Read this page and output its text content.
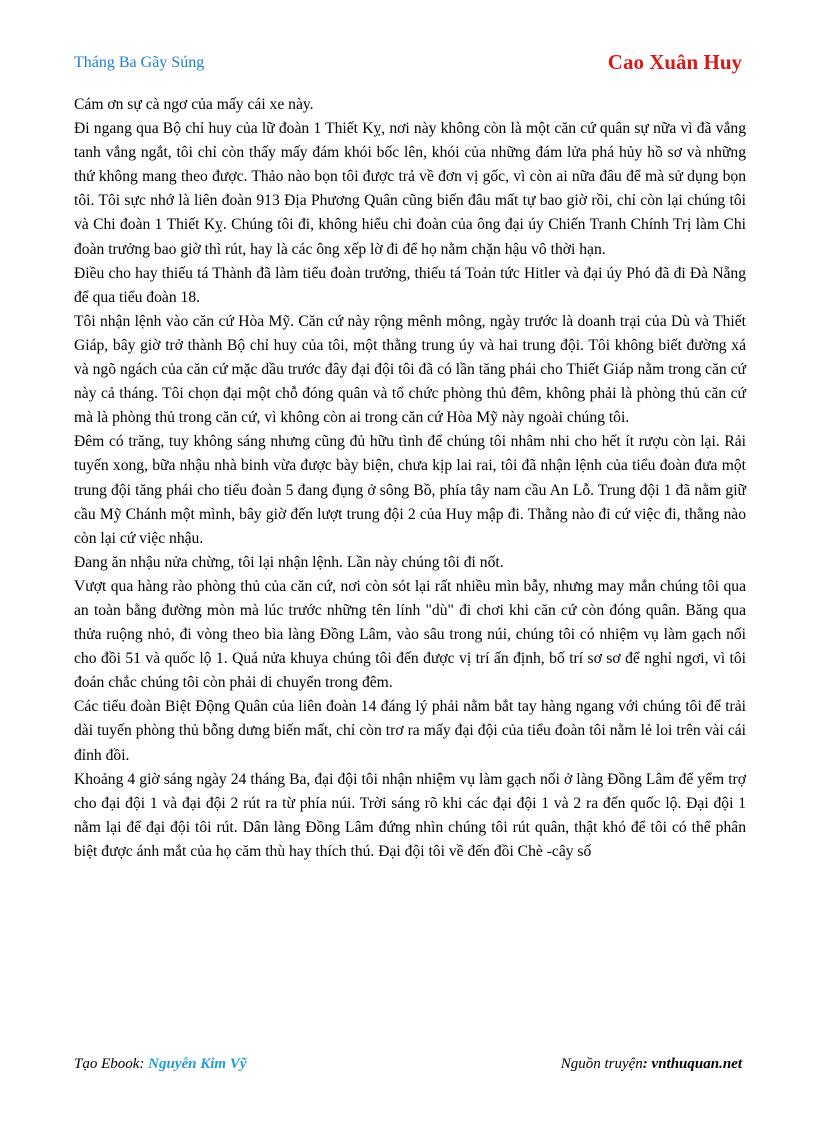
Tháng Ba Gãy Súng	Cao Xuân Huy

Cám ơn sự cà ngơ của mấy cái xe này.

Đi ngang qua Bộ chỉ huy của lữ đoàn 1 Thiết Kỵ, nơi này không còn là một căn cứ quân sự nữa vì đã vắng tanh vắng ngắt, tôi chỉ còn thấy mấy đám khói bốc lên, khói của những đám lửa phá hủy hồ sơ và những thứ không mang theo được. Thảo nào bọn tôi được trả về đơn vị gốc, vì còn ai nữa đâu để mà sử dụng bọn tôi. Tôi sực nhớ là liên đoàn 913 Địa Phương Quân cũng biến đâu mất tự bao giờ rồi, chỉ còn lại chúng tôi và Chi đoàn 1 Thiết Kỵ. Chúng tôi đi, không hiểu chi đoàn của ông đại úy Chiến Tranh Chính Trị làm Chi đoàn trưởng bao giờ thì rút, hay là các ông xếp lờ đi để họ nằm chặn hậu vô thời hạn.

Điều cho hay thiếu tá Thành đã làm tiểu đoàn trưởng, thiếu tá Toản tức Hitler và đại úy Phó đã đi Đà Nẵng để qua tiểu đoàn 18.

Tôi nhận lệnh vào căn cứ Hòa Mỹ. Căn cứ này rộng mênh mông, ngày trước là doanh trại của Dù và Thiết Giáp, bây giờ trở thành Bộ chỉ huy của tôi, một thằng trung úy và hai trung đội. Tôi không biết đường xá và ngõ ngách của căn cứ mặc dầu trước đây đại đội tôi đã có lần tăng phái cho Thiết Giáp nằm trong căn cứ này cả tháng. Tôi chọn đại một chỗ đóng quân và tổ chức phòng thủ đêm, không phải là phòng thủ căn cứ mà là phòng thủ trong căn cứ, vì không còn ai trong căn cứ Hòa Mỹ này ngoài chúng tôi.

Đêm có trăng, tuy không sáng nhưng cũng đủ hữu tình để chúng tôi nhâm nhi cho hết ít rượu còn lại. Rải tuyến xong, bữa nhậu nhà binh vừa được bày biện, chưa kịp lai rai, tôi đã nhận lệnh của tiểu đoàn đưa một trung đội tăng phái cho tiểu đoàn 5 đang đụng ở sông Bồ, phía tây nam cầu An Lỗ. Trung đội 1 đã nằm giữ cầu Mỹ Chánh một mình, bây giờ đến lượt trung đội 2 của Huy mập đi. Thằng nào đi cứ việc đi, thằng nào còn lại cứ việc nhậu.

Đang ăn nhậu nửa chừng, tôi lại nhận lệnh. Lần này chúng tôi đi nốt.

Vượt qua hàng rào phòng thủ của căn cứ, nơi còn sót lại rất nhiều mìn bẫy, nhưng may mắn chúng tôi qua an toàn bằng đường mòn mà lúc trước những tên lính "dù" đi chơi khi căn cứ còn đóng quân. Băng qua thửa ruộng nhỏ, đi vòng theo bìa làng Đồng Lâm, vào sâu trong núi, chúng tôi có nhiệm vụ làm gạch nối cho đồi 51 và quốc lộ 1. Quá nửa khuya chúng tôi đến được vị trí ấn định, bố trí sơ sơ để nghỉ ngơi, vì tôi đoán chắc chúng tôi còn phải di chuyển trong đêm.

Các tiểu đoàn Biệt Động Quân của liên đoàn 14 đáng lý phải nằm bắt tay hàng ngang với chúng tôi để trải dài tuyến phòng thủ bỗng dưng biến mất, chỉ còn trơ ra mấy đại đội của tiểu đoàn tôi nằm lẻ loi trên vài cái đỉnh đồi.

Khoảng 4 giờ sáng ngày 24 tháng Ba, đại đội tôi nhận nhiệm vụ làm gạch nối ở làng Đồng Lâm để yểm trợ cho đại đội 1 và đại đội 2 rút ra từ phía núi. Trời sáng rõ khi các đại đội 1 và 2 ra đến quốc lộ. Đại đội 1 nằm lại để đại đội tôi rút. Dân làng Đồng Lâm đứng nhìn chúng tôi rút quân, thật khó để tôi có thể phân biệt được ánh mắt của họ căm thù hay thích thú. Đại đội tôi về đến đồi Chè -cây số

Tạo Ebook: Nguyễn Kim Vỹ	Nguồn truyện: vnthuquan.net
